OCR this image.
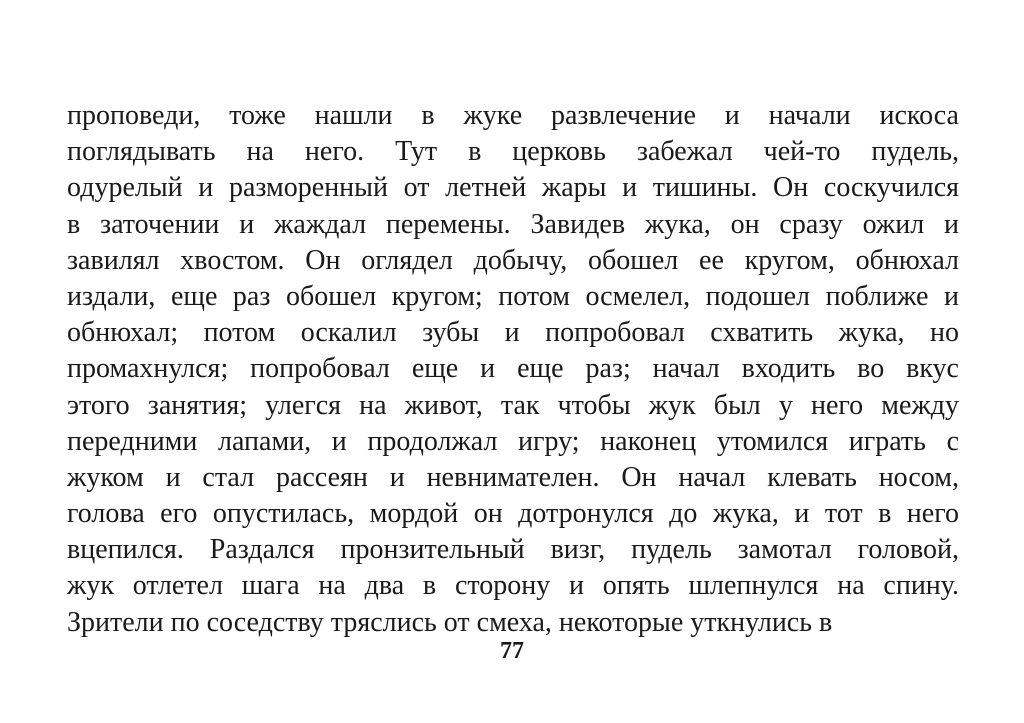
проповеди, тоже нашли в жуке развлечение и начали искоса
поглядывать на него. Тут в церковь забежал чей-то пудель,
одурелый и разморенный от летней жары и тишины. Он соскучился
в заточении и жаждал перемены. Завидев жука, он сразу ожил и
завилял хвостом. Он оглядел добычу, обошел ее кругом, обнюхал
издали, еще раз обошел кругом; потом осмелел, подошел поближе и
обнюхал; потом оскалил зубы и попробовал схватить жука, но
промахнулся; попробовал еще и еще раз; начал входить во вкус
этого занятия; улегся на живот, так чтобы жук был у него между
передними лапами, и продолжал игру; наконец утомился играть с
жуком и стал рассеян и невнимателен. Он начал клевать носом,
голова его опустилась, мордой он дотронулся до жука, и тот в него
вцепился. Раздался пронзительный визг, пудель замотал головой,
жук отлетел шага на два в сторону и опять шлепнулся на спину.
Зрители по соседству тряслись от смеха, некоторые уткнулись в
77
